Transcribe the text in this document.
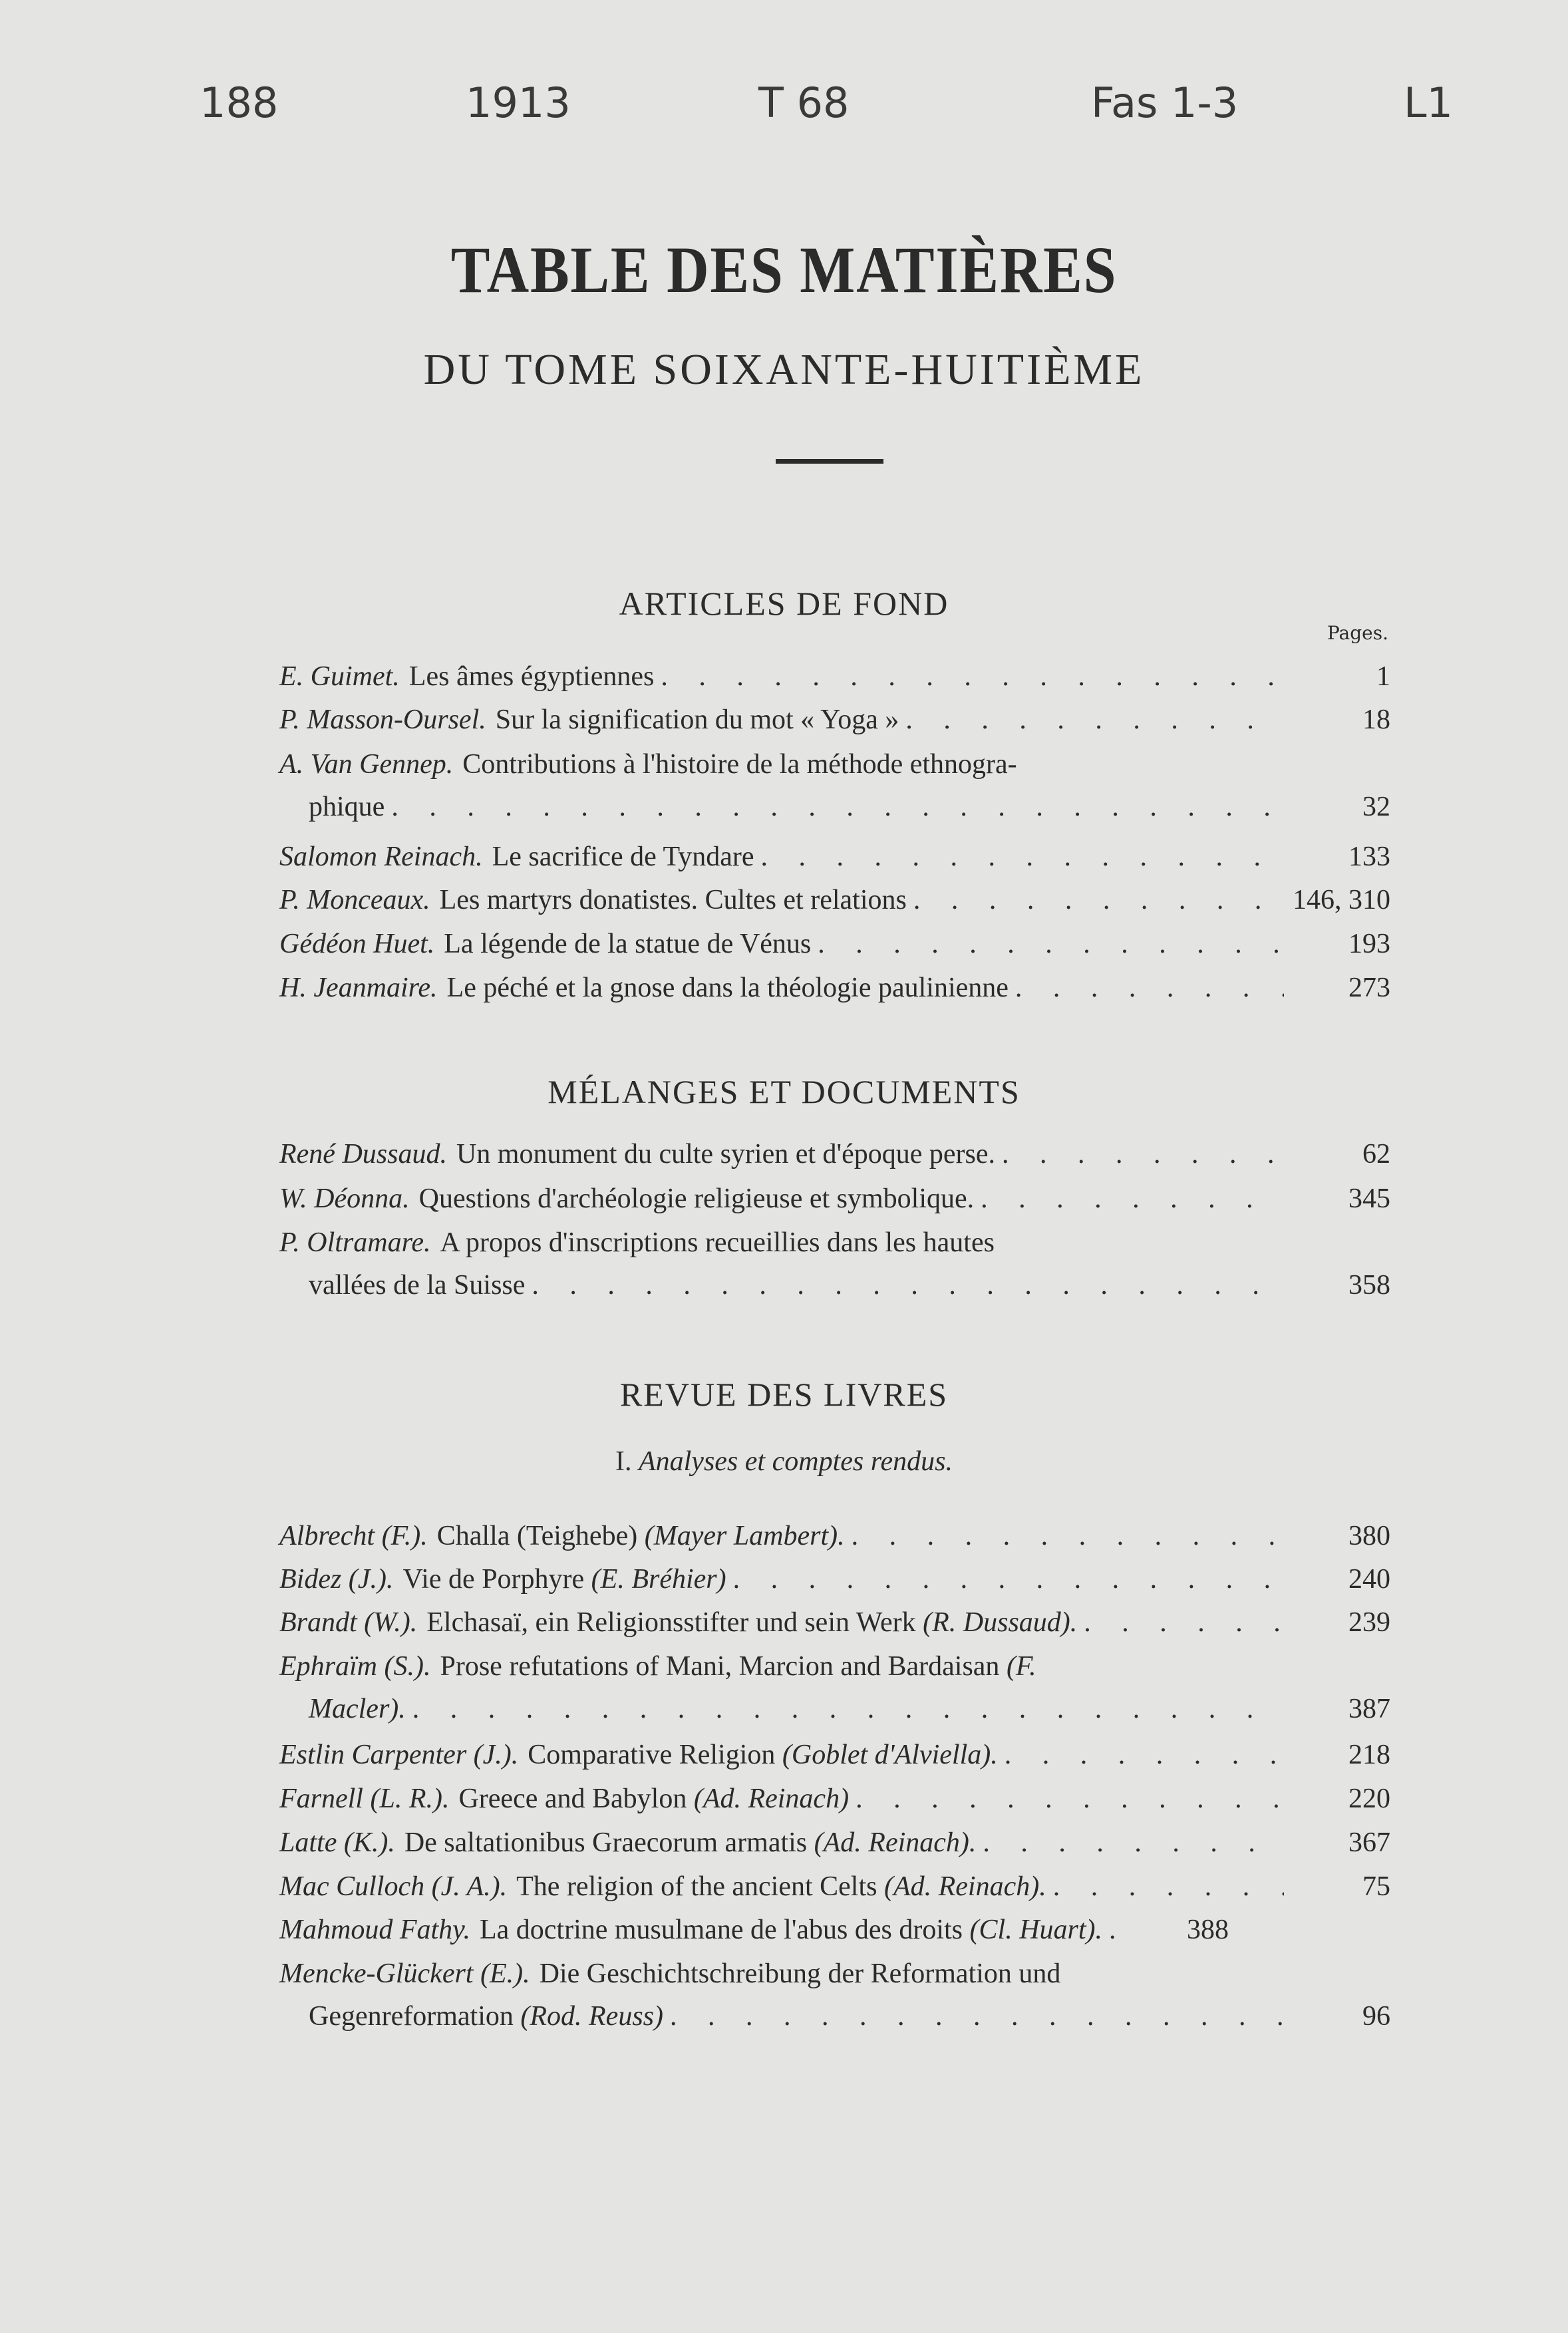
188	1913	T 68	Fas 1-3	L1
TABLE DES MATIÈRES
DU TOME SOIXANTE-HUITIÈME
ARTICLES DE FOND
Pages.
E. Guimet. Les âmes égyptiennes . . .	1
P. Masson-Oursel. Sur la signification du mot « Yoga » . . .	18
A. Van Gennep. Contributions à l'histoire de la méthode ethnogra-
phique . . .	32
Salomon Reinach. Le sacrifice de Tyndare . . .	133
P. Monceaux. Les martyrs donatistes. Cultes et relations . . .	146, 310
Gédéon Huet. La légende de la statue de Vénus . . .	193
H. Jeanmaire. Le péché et la gnose dans la théologie paulinienne . . .	273
MÉLANGES ET DOCUMENTS
René Dussaud. Un monument du culte syrien et d'époque perse. . . .	62
W. Déonna. Questions d'archéologie religieuse et symbolique. . . .	345
P. Oltramare. A propos d'inscriptions recueillies dans les hautes
vallées de la Suisse . . .	358
REVUE DES LIVRES
I. Analyses et comptes rendus.
Albrecht (F.). Challa (Teighebe)
(Mayer Lambert). . . .	380
Bidez (J.). Vie de Porphyre
(E. Bréhier) . . .	240
Brandt (W.). Elchasaï, ein Religionsstifter und sein Werk
(R. Dussaud). . . .	239
Ephraïm (S.). Prose refutations of Mani, Marcion and Bardaisan
(F.
Macler). . . .	387
Estlin Carpenter (J.). Comparative Religion
(Goblet d'Alviella). . . .	218
Farnell (L. R.). Greece and Babylon
(Ad. Reinach) . . .	220
Latte (K.). De saltationibus Graecorum armatis
(Ad. Reinach). . . .	367
Mac Culloch (J. A.). The religion of the ancient Celts
(Ad. Reinach). . . .	75
Mahmoud Fathy. La doctrine musulmane de l'abus des droits
(Cl. Huart). . . .	388
Mencke-Glückert (E.). Die Geschichtschreibung der Reformation und
Gegenreformation
(Rod. Reuss) . . .	96
